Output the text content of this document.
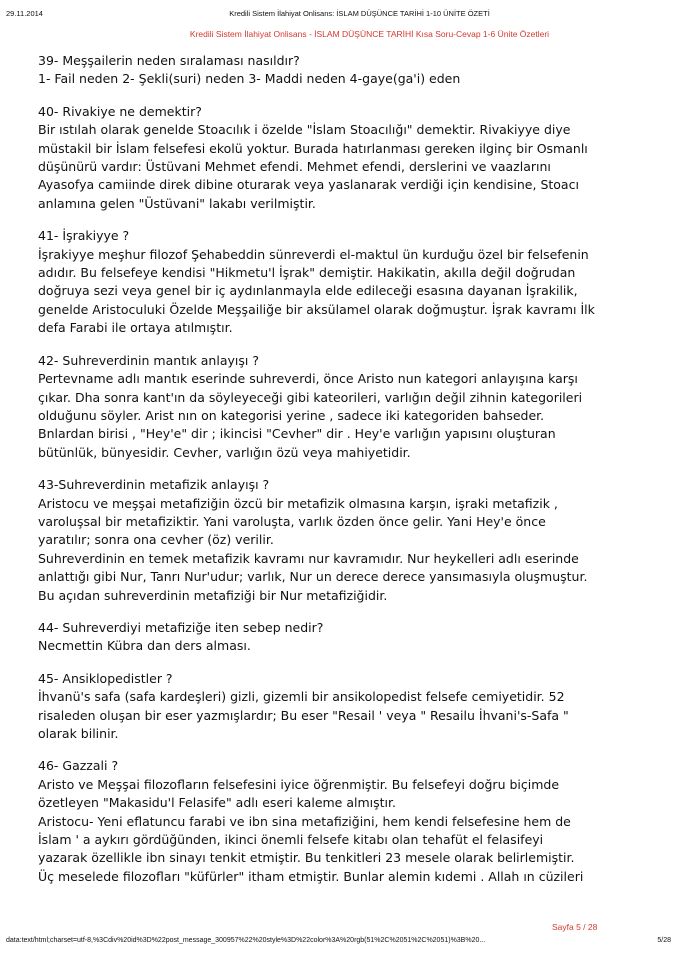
29.11.2014	Kredili Sistem İlahiyat Onlisans: İSLAM DÜŞÜNCE TARİHİ 1-10 ÜNİTE ÖZETİ
Kredili Sistem İlahiyat Onlisans - İSLAM DÜŞÜNCE TARİHİ Kısa Soru-Cevap 1-6 Ünite Özetleri
39- Meşşailerin neden sıralaması nasıldır?
1- Fail neden 2- Şekli(suri) neden 3- Maddi neden 4-gaye(ga'i) eden
40- Rivakiye ne demektir?
Bir ıstılah olarak genelde Stoacılık i özelde "İslam Stoacılığı" demektir. Rivakiyye diye
müstakil bir İslam felsefesi ekolü yoktur. Burada hatırlanması gereken ilginç bir Osmanlı
düşünürü vardır: Üstüvani Mehmet efendi. Mehmet efendi, derslerini ve vaazlarını
Ayasofya camiinde direk dibine oturarak veya yaslanarak verdiği için kendisine, Stoacı
anlamına gelen "Üstüvani" lakabı verilmiştir.
41- İşrakiyye ?
İşrakiyye meşhur filozof Şehabeddin sünreverdi el-maktul ün kurduğu özel bir felsefenin
adıdır. Bu felsefeye kendisi "Hikmetu'l İşrak" demiştir. Hakikatin, akılla değil doğrudan
doğruya sezi veya genel bir iç aydınlanmayla elde edileceği esasına dayanan İşrakilik,
genelde Aristoculuki Özelde Meşşailiğe bir aksülamel olarak doğmuştur. İşrak kavramı İlk
defa Farabi ile ortaya atılmıştır.
42- Suhreverdinin mantık anlayışı ?
Pertevname adlı mantık eserinde suhreverdi, önce Aristo nun kategori anlayışına karşı
çıkar. Dha sonra kant'ın da söyleyeceği gibi kateorileri, varlığın değil zihnin kategorileri
olduğunu söyler. Arist nın on kategorisi yerine , sadece iki kategoriden bahseder.
Bnlardan birisi , "Hey'e" dir ; ikincisi "Cevher" dir . Hey'e varlığın yapısını oluşturan
bütünlük, bünyesidir. Cevher, varlığın özü veya mahiyetidir.
43-Suhreverdinin metafizik anlayışı ?
Aristocu ve meşşai metafiziğin özcü bir metafizik olmasına karşın, işraki metafizik ,
varoluşsal bir metafiziktir. Yani varoluşta, varlık özden önce gelir. Yani Hey'e önce
yaratılır; sonra ona cevher (öz) verilir.
Suhreverdinin en temek metafizik kavramı nur kavramıdır. Nur heykelleri adlı eserinde
anlattığı gibi Nur, Tanrı Nur'udur; varlık, Nur un derece derece yansımasıyla oluşmuştur.
Bu açıdan suhreverdinin metafiziği bir Nur metafiziğidir.
44- Suhreverdiyi metafiziğe iten sebep nedir?
Necmettin Kübra dan ders alması.
45- Ansiklopedistler ?
İhvanü's safa (safa kardeşleri) gizli, gizemli bir ansikolopedist felsefe cemiyetidir. 52
risaleden oluşan bir eser yazmışlardır; Bu eser "Resail ' veya " Resailu İhvani's-Safa "
olarak bilinir.
46- Gazzali ?
Aristo ve Meşşai filozofların felsefesini iyice öğrenmiştir. Bu felsefeyi doğru biçimde
özetleyen "Makasidu'l Felasife" adlı eseri kaleme almıştır.
Aristocu- Yeni eflatuncu farabi ve ibn sina metafiziğini, hem kendi felsefesine hem de
İslam ' a aykırı gördüğünden, ikinci önemli felsefe kitabı olan tehafüt el felasifeyi
yazarak özellikle ibn sinayı tenkit etmiştir. Bu tenkitleri 23 mesele olarak belirlemiştir.
Üç meselede filozofları "küfürler" itham etmiştir. Bunlar alemin kıdemi . Allah ın cüzileri
Sayfa 5 / 28
data:text/html;charset=utf-8,%3Cdiv%20id%3D%22post_message_300957%22%20style%3D%22color%3A%20rgb(51%2C%2051%2C%2051)%3B%20...	5/28
